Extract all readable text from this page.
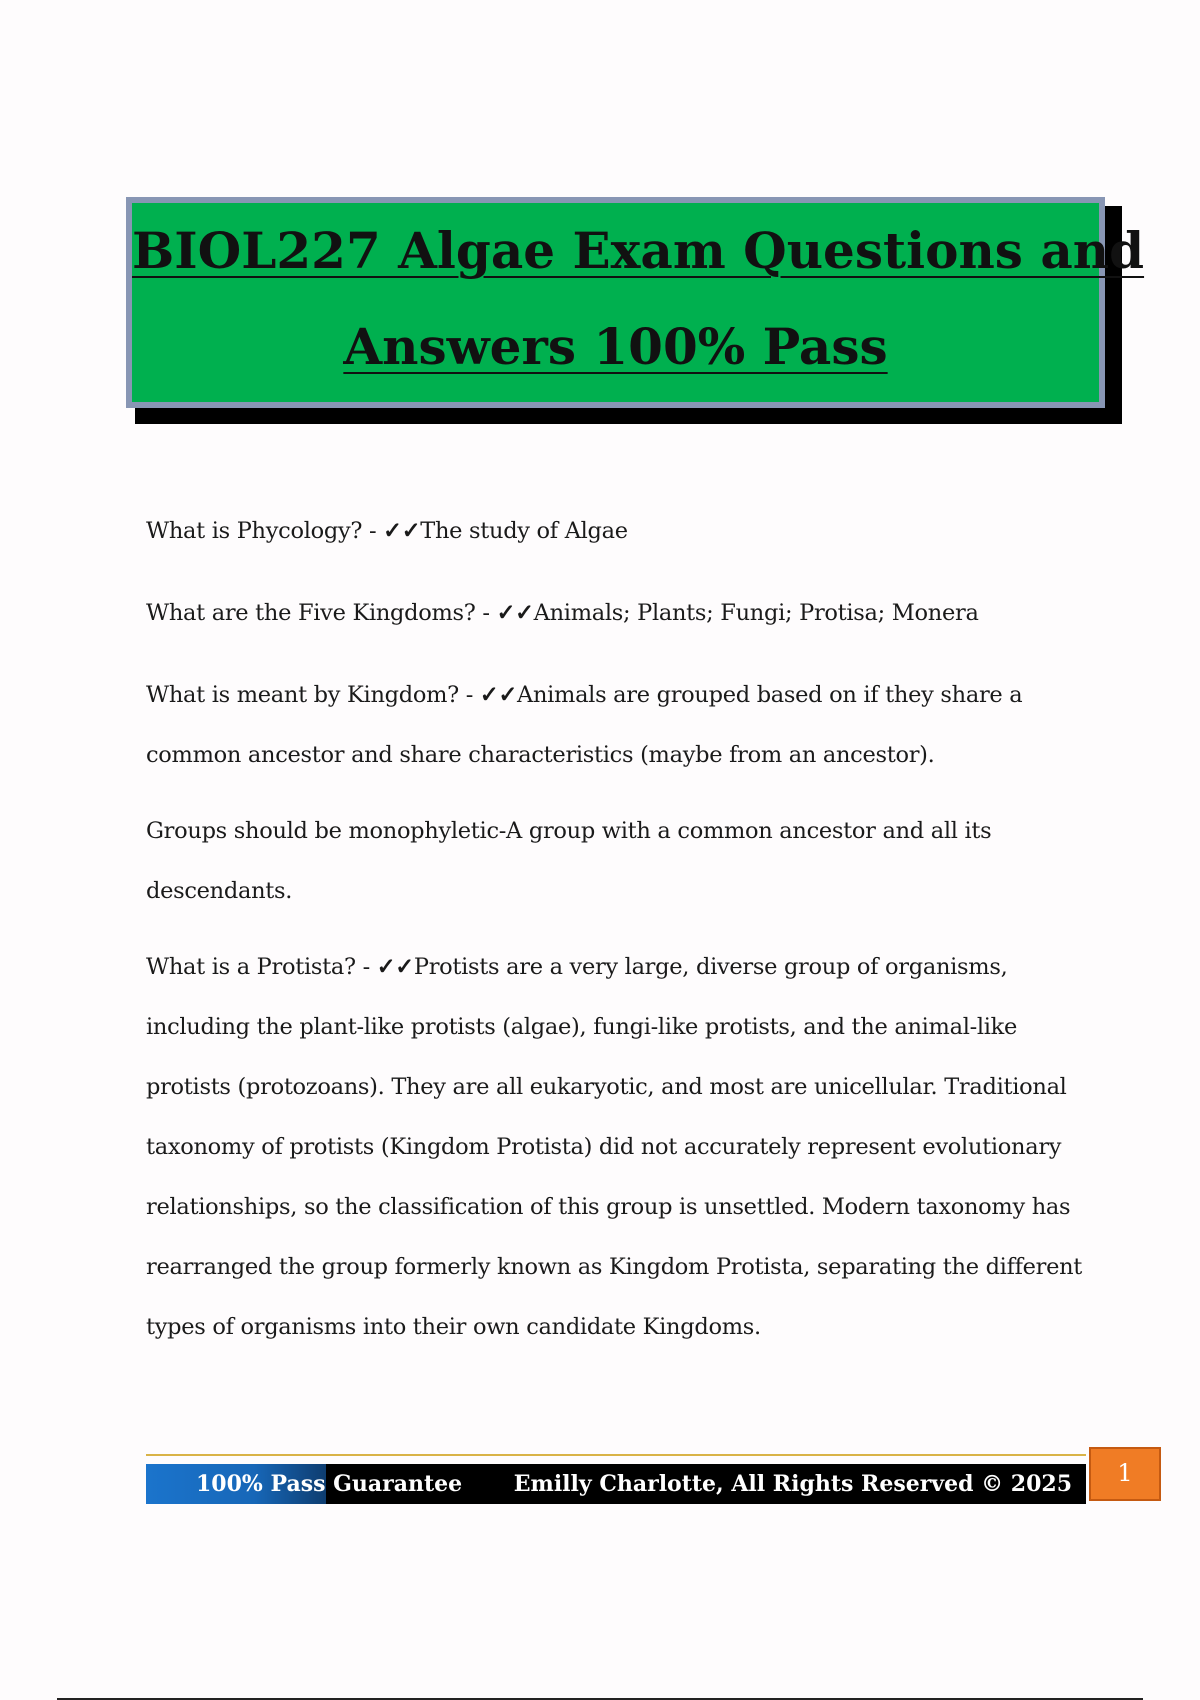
BIOL227 Algae Exam Questions and
Answers 100% Pass

What is Phycology? - ✓✓The study of Algae

What are the Five Kingdoms? - ✓✓Animals; Plants; Fungi; Protisa; Monera

What is meant by Kingdom? - ✓✓Animals are grouped based on if they share a common ancestor and share characteristics (maybe from an ancestor).

Groups should be monophyletic-A group with a common ancestor and all its descendants.

What is a Protista? - ✓✓Protists are a very large, diverse group of organisms, including the plant-like protists (algae), fungi-like protists, and the animal-like protists (protozoans). They are all eukaryotic, and most are unicellular. Traditional taxonomy of protists (Kingdom Protista) did not accurately represent evolutionary relationships, so the classification of this group is unsettled. Modern taxonomy has rearranged the group formerly known as Kingdom Protista, separating the different types of organisms into their own candidate Kingdoms.

100% Pass Guarantee Emilly Charlotte, All Rights Reserved © 2025	1
